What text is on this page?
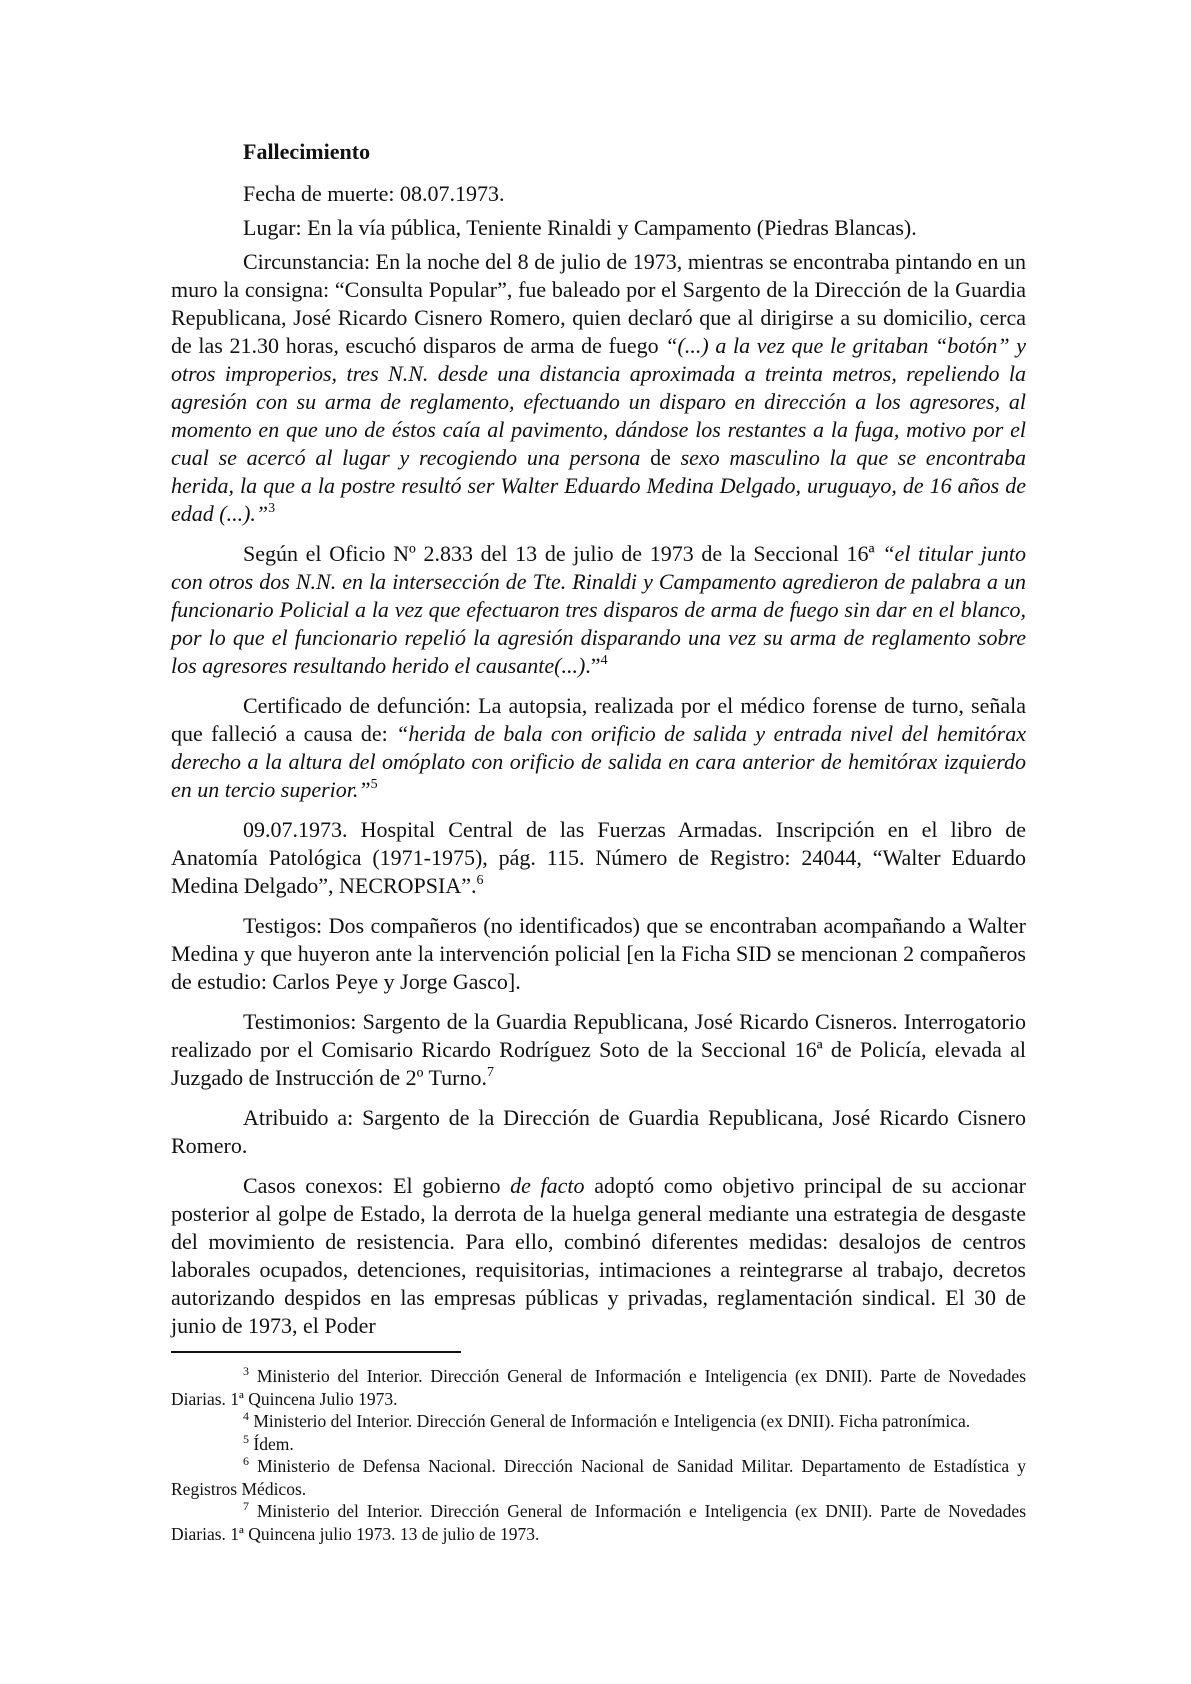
Fallecimiento

Fecha de muerte: 08.07.1973.

Lugar: En la vía pública, Teniente Rinaldi y Campamento (Piedras Blancas).

Circunstancia: En la noche del 8 de julio de 1973, mientras se encontraba pintando en un muro la consigna: “Consulta Popular”, fue baleado por el Sargento de la Dirección de la Guardia Republicana, José Ricardo Cisnero Romero, quien declaró que al dirigirse a su domicilio, cerca de las 21.30 horas, escuchó disparos de arma de fuego “(...) a la vez que le gritaban “botón” y otros improperios, tres N.N. desde una distancia aproximada a treinta metros, repeliendo la agresión con su arma de reglamento, efectuando un disparo en dirección a los agresores, al momento en que uno de éstos caía al pavimento, dándose los restantes a la fuga, motivo por el cual se acercó al lugar y recogiendo una persona de sexo masculino la que se encontraba herida, la que a la postre resultó ser Walter Eduardo Medina Delgado, uruguayo, de 16 años de edad (...).”$^3$

Según el Oficio Nº 2.833 del 13 de julio de 1973 de la Seccional 16ª “el titular junto con otros dos N.N. en la intersección de Tte. Rinaldi y Campamento agredieron de palabra a un funcionario Policial a la vez que efectuaron tres disparos de arma de fuego sin dar en el blanco, por lo que el funcionario repelió la agresión disparando una vez su arma de reglamento sobre los agresores resultando herido el causante(...).”$^4$

Certificado de defunción: La autopsia, realizada por el médico forense de turno, señala que falleció a causa de: “herida de bala con orificio de salida y entrada nivel del hemitórax derecho a la altura del omóplato con orificio de salida en cara anterior de hemitórax izquierdo en un tercio superior.”$^5$

09.07.1973. Hospital Central de las Fuerzas Armadas. Inscripción en el libro de Anatomía Patológica (1971-1975), pág. 115. Número de Registro: 24044, “Walter Eduardo Medina Delgado”, NECROPSIA”.$^6$

Testigos: Dos compañeros (no identificados) que se encontraban acompañando a Walter Medina y que huyeron ante la intervención policial [en la Ficha SID se mencionan 2 compañeros de estudio: Carlos Peye y Jorge Gasco].

Testimonios: Sargento de la Guardia Republicana, José Ricardo Cisneros. Interrogatorio realizado por el Comisario Ricardo Rodríguez Soto de la Seccional 16ª de Policía, elevada al Juzgado de Instrucción de 2º Turno.$^7$

Atribuido a: Sargento de la Dirección de Guardia Republicana, José Ricardo Cisnero Romero.

Casos conexos: El gobierno de facto adoptó como objetivo principal de su accionar posterior al golpe de Estado, la derrota de la huelga general mediante una estrategia de desgaste del movimiento de resistencia. Para ello, combinó diferentes medidas: desalojos de centros laborales ocupados, detenciones, requisitorias, intimaciones a reintegrarse al trabajo, decretos autorizando despidos en las empresas públicas y privadas, reglamentación sindical. El 30 de junio de 1973, el Poder

$^3$ Ministerio del Interior. Dirección General de Información e Inteligencia (ex DNII). Parte de Novedades Diarias. 1ª Quincena Julio 1973.

$^4$ Ministerio del Interior. Dirección General de Información e Inteligencia (ex DNII). Ficha patronímica.

$^5$ Ídem.

$^6$ Ministerio de Defensa Nacional. Dirección Nacional de Sanidad Militar. Departamento de Estadística y Registros Médicos.

$^7$ Ministerio del Interior. Dirección General de Información e Inteligencia (ex DNII). Parte de Novedades Diarias. 1ª Quincena julio 1973. 13 de julio de 1973.
